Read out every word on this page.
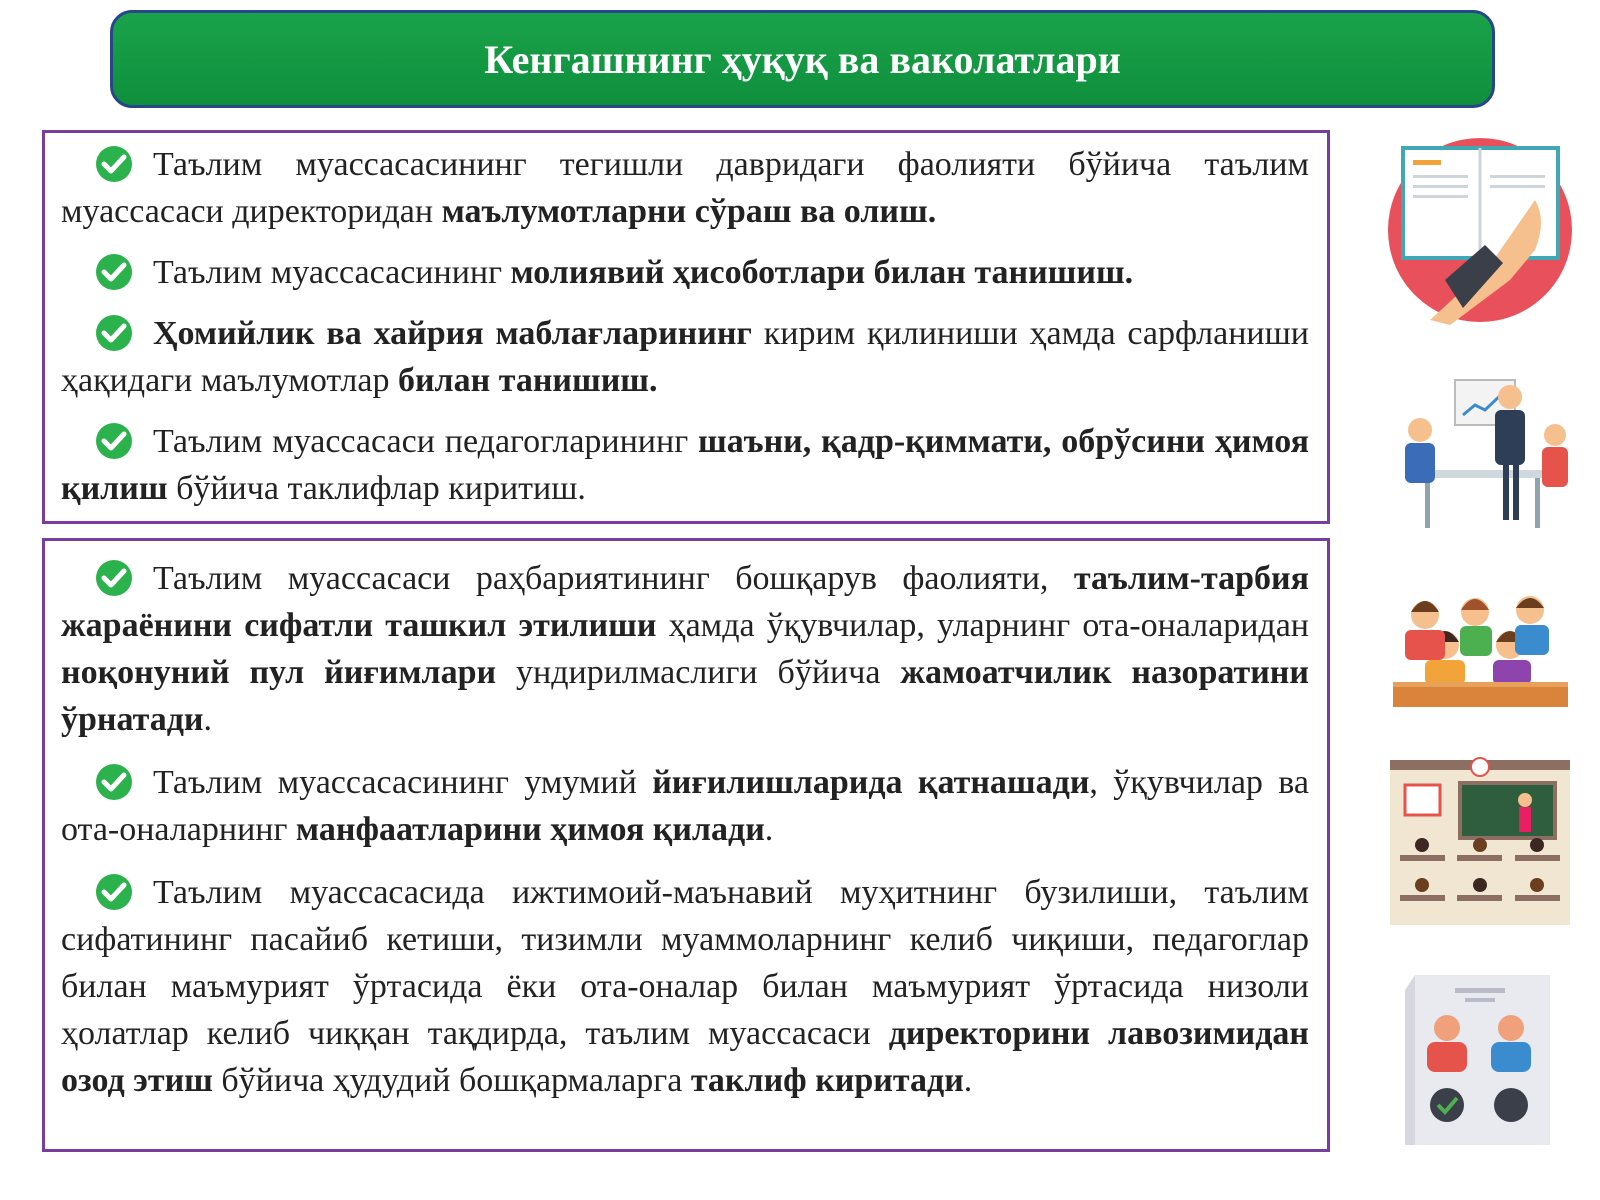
Кенгашнинг ҳуқуқ ва ваколатлари
Таълим муассасасининг тегишли давридаги фаолияти бўйича таълим муассасаси директоридан маълумотларни сўраш ва олиш.
Таълим муассасасининг молиявий ҳисоботлари билан танишиш.
Ҳомийлик ва хайрия маблағларининг кирим қилиниши ҳамда сарфланиши ҳақидаги маълумотлар билан танишиш.
Таълим муассасаси педагогларининг шаъни, қадр-қиммати, обрўсини ҳимоя қилиш бўйича таклифлар киритиш.
Таълим муассасаси раҳбариятининг бошқарув фаолияти, таълим-тарбия жараёнини сифатли ташкил этилиши ҳамда ўқувчилар, уларнинг ота-оналаридан ноқонуний пул йиғимлари ундирилмаслиги бўйича жамоатчилик назоратини ўрнатади.
Таълим муассасасининг умумий йиғилишларида қатнашади, ўқувчилар ва ота-оналарнинг манфаатларини ҳимоя қилади.
Таълим муассасасида ижтимоий-маънавий муҳитнинг бузилиши, таълим сифатининг пасайиб кетиши, тизимли муаммоларнинг келиб чиқиши, педагоглар билан маъмурият ўртасида ёки ота-оналар билан маъмурият ўртасида низоли ҳолатлар келиб чиққан тақдирда, таълим муассасаси директорини лавозимидан озод этиш бўйича ҳудудий бошқармаларга таклиф киритади.
